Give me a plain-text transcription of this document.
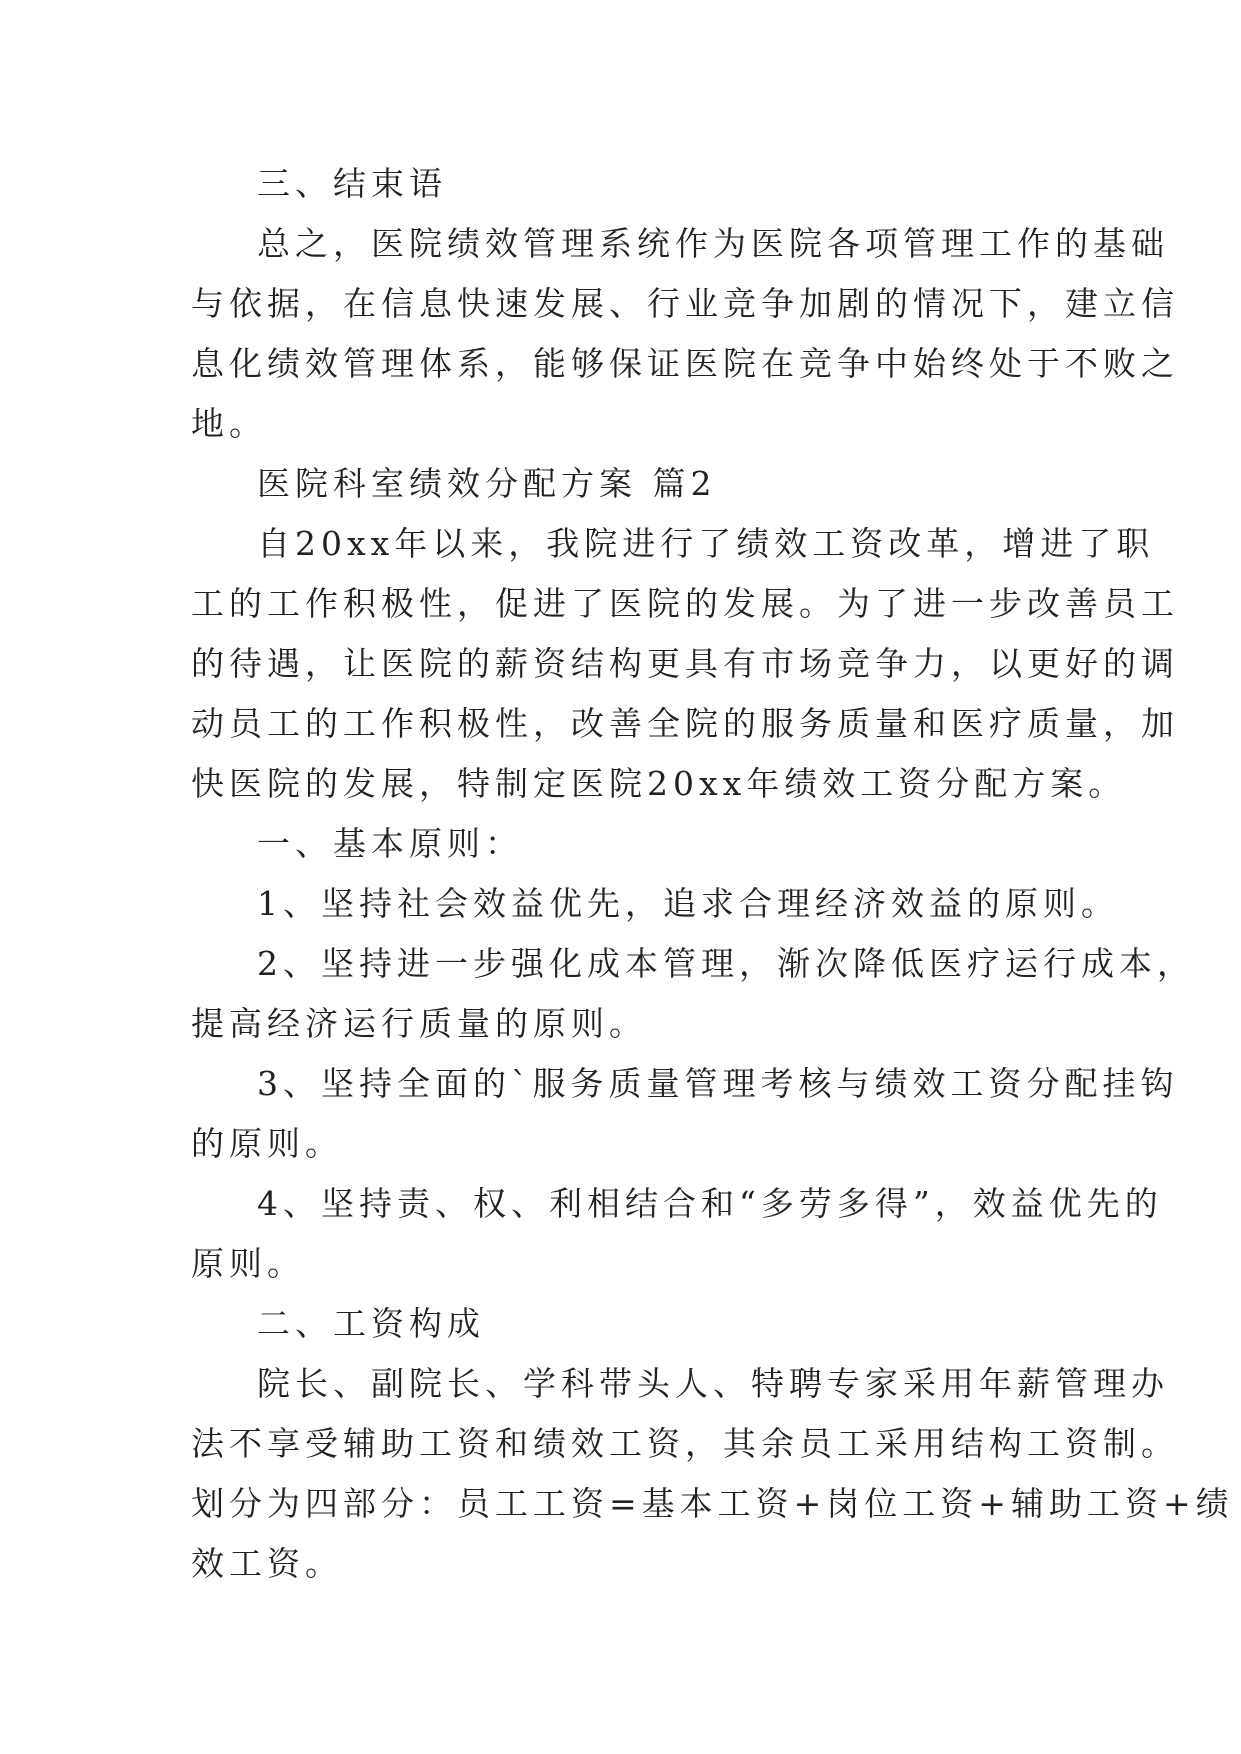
三、结束语
总之，医院绩效管理系统作为医院各项管理工作的基础
与依据，在信息快速发展、行业竞争加剧的情况下，建立信
息化绩效管理体系，能够保证医院在竞争中始终处于不败之
地。
医院科室绩效分配方案 篇2
自20xx年以来，我院进行了绩效工资改革，增进了职
工的工作积极性，促进了医院的发展。为了进一步改善员工
的待遇，让医院的薪资结构更具有市场竞争力，以更好的调
动员工的工作积极性，改善全院的服务质量和医疗质量，加
快医院的发展，特制定医院20xx年绩效工资分配方案。
一、基本原则：
1、坚持社会效益优先，追求合理经济效益的原则。
2、坚持进一步强化成本管理，渐次降低医疗运行成本，
提高经济运行质量的原则。
3、坚持全面的`服务质量管理考核与绩效工资分配挂钩
的原则。
4、坚持责、权、利相结合和“多劳多得”，效益优先的
原则。
二、工资构成
院长、副院长、学科带头人、特聘专家采用年薪管理办
法不享受辅助工资和绩效工资，其余员工采用结构工资制。
划分为四部分：员工工资=基本工资+岗位工资+辅助工资+绩
效工资。
